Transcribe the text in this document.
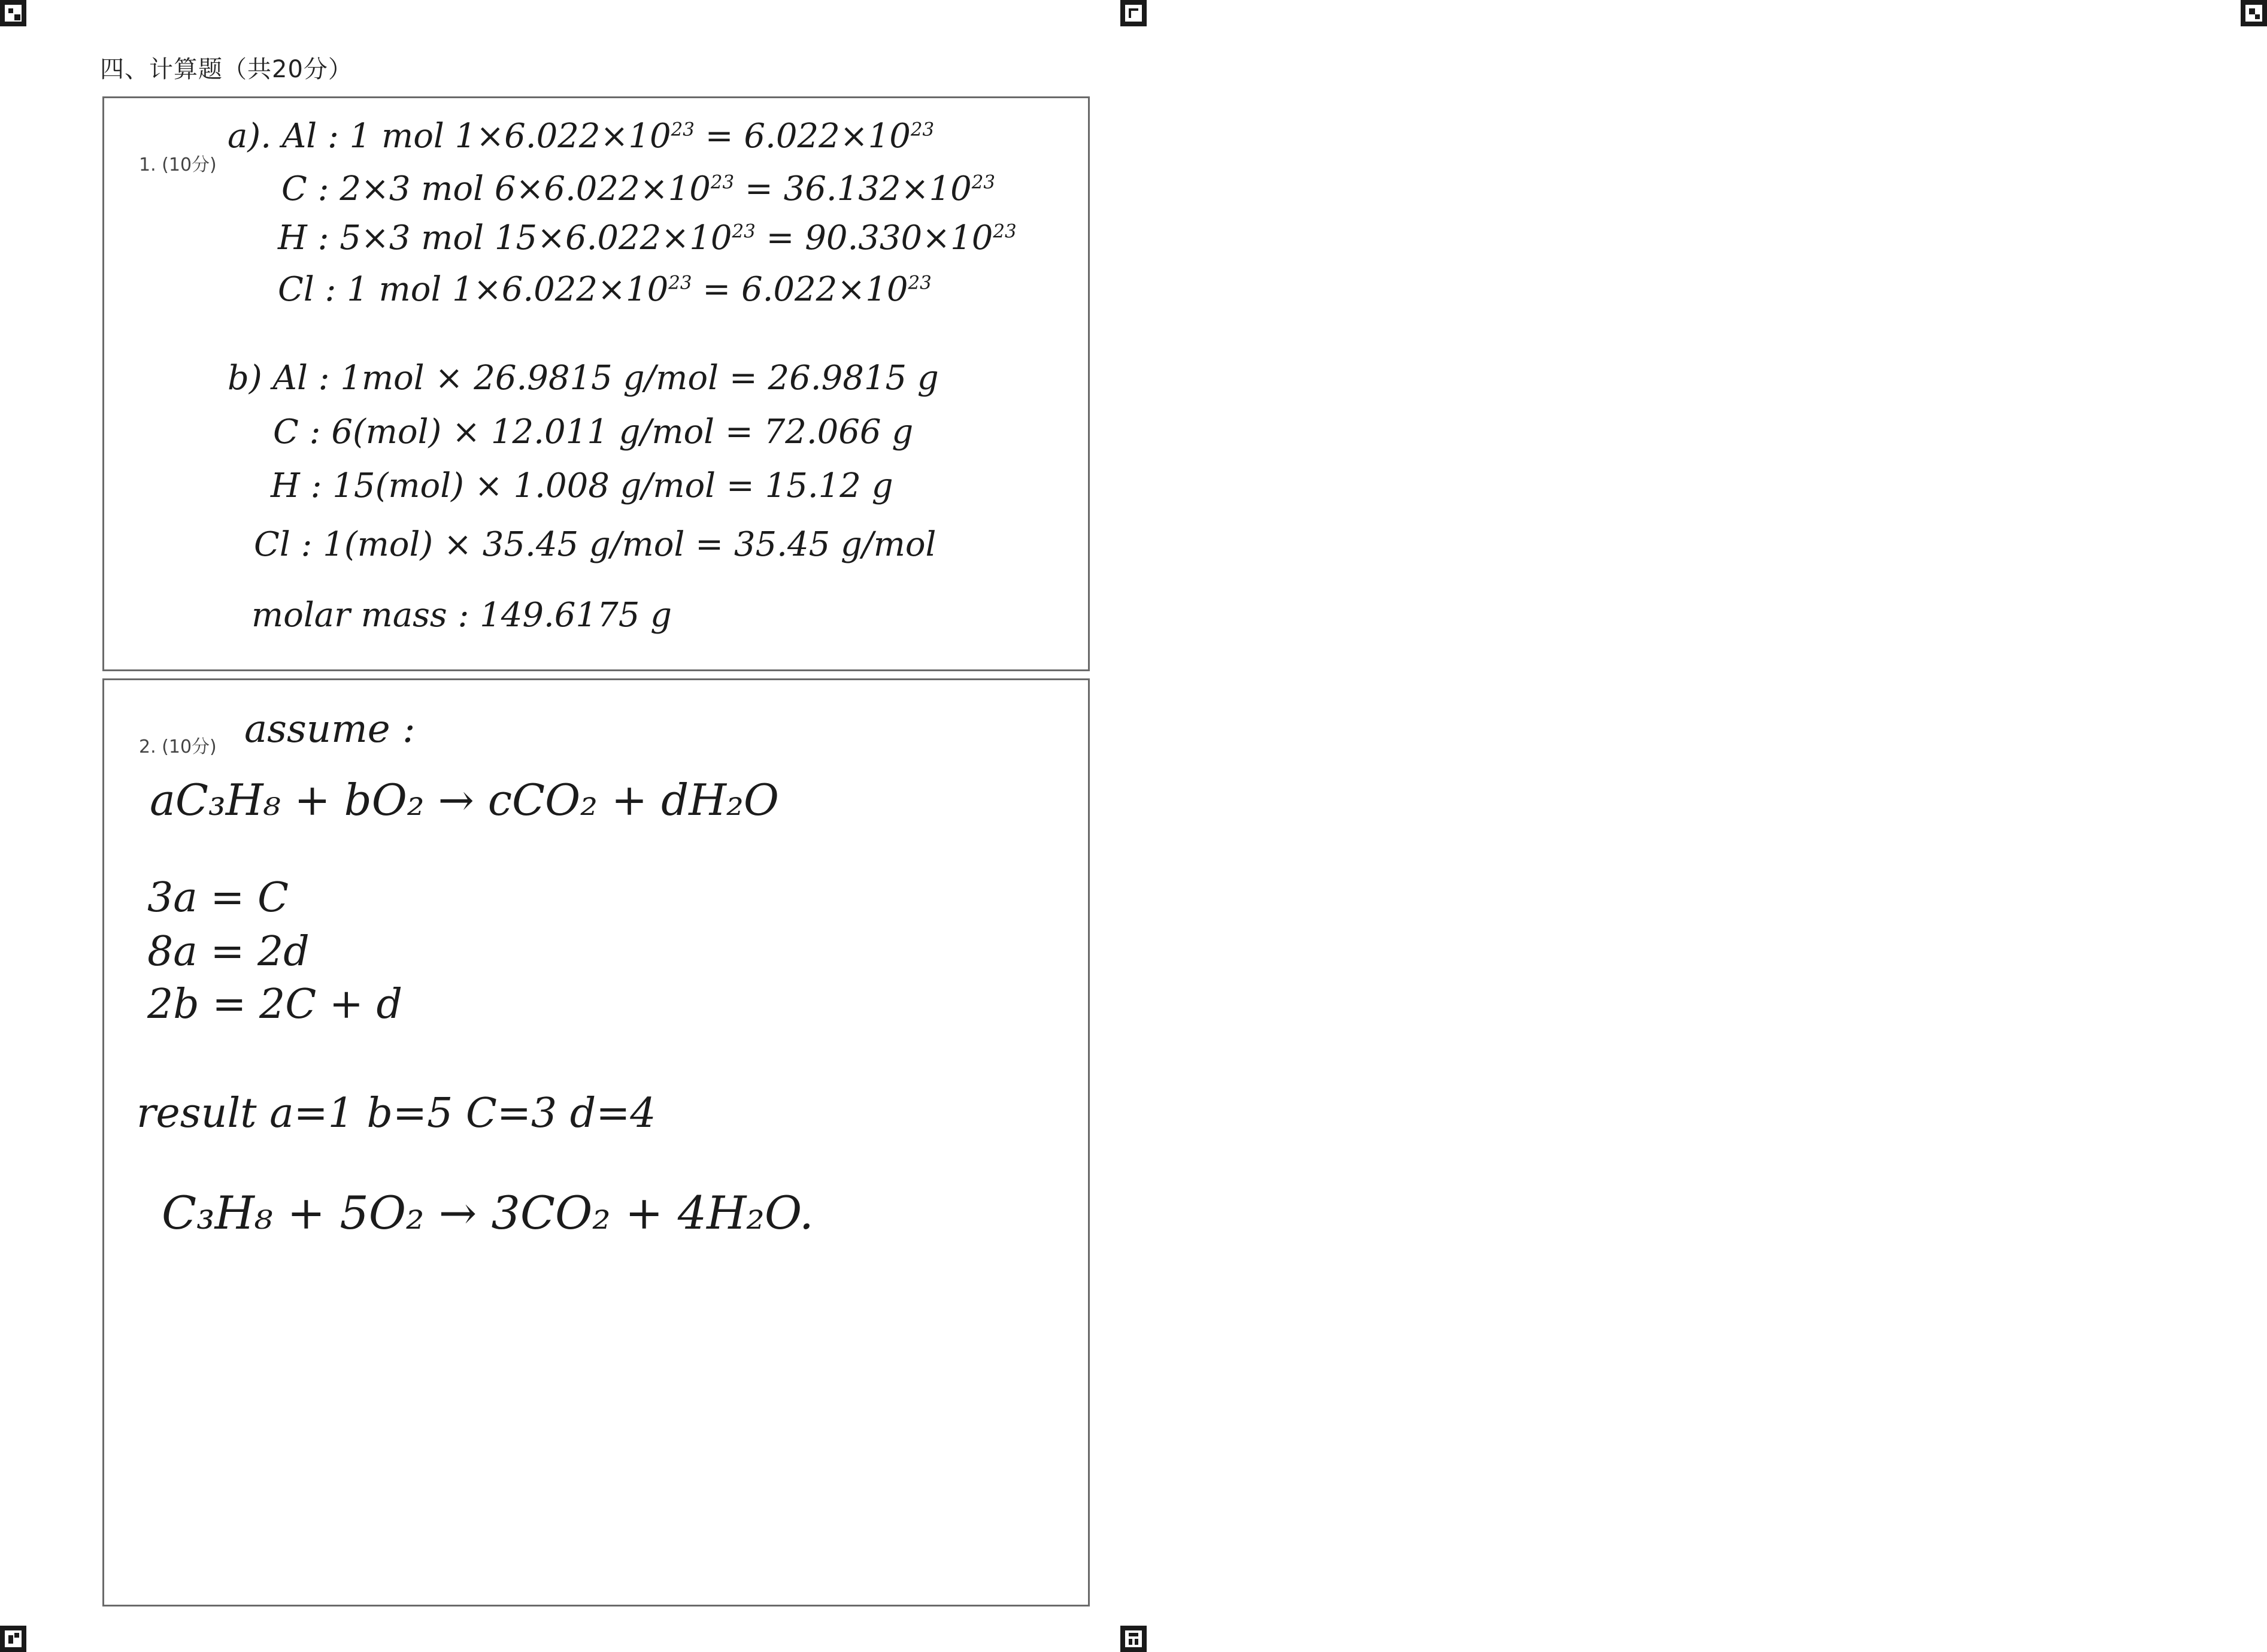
四、计算题（共20分）
1. (10分)
a). Al : 1 mol $1\times 6.022\times 10^{23} = 6.022\times 10^{23}$
C : 2×3 mol $6\times 6.022\times 10^{23} = 36.132\times 10^{23}$
H : 5×3 mol $15\times 6.022\times 10^{23} = 90.330\times 10^{23}$
Cl : 1 mol $1\times 6.022\times 10^{23} = 6.022\times 10^{23}$
b) Al : 1mol × 26.9815 g/mol = 26.9815 g
C : 6(mol) × 12.011 g/mol = 72.066 g
H : 15(mol) × 1.008 g/mol = 15.12 g
Cl : 1(mol) × 35.45 g/mol = 35.45 g/mol
molar mass : 149.6175 g
2. (10分) assume :
aC₃H₈ + bO₂ → cCO₂ + dH₂O
3a = C
8a = 2d
2b = 2C + d
result a=1 b=5 C=3 d=4
C₃H₈ + 5O₂ → 3CO₂ + 4H₂O.
